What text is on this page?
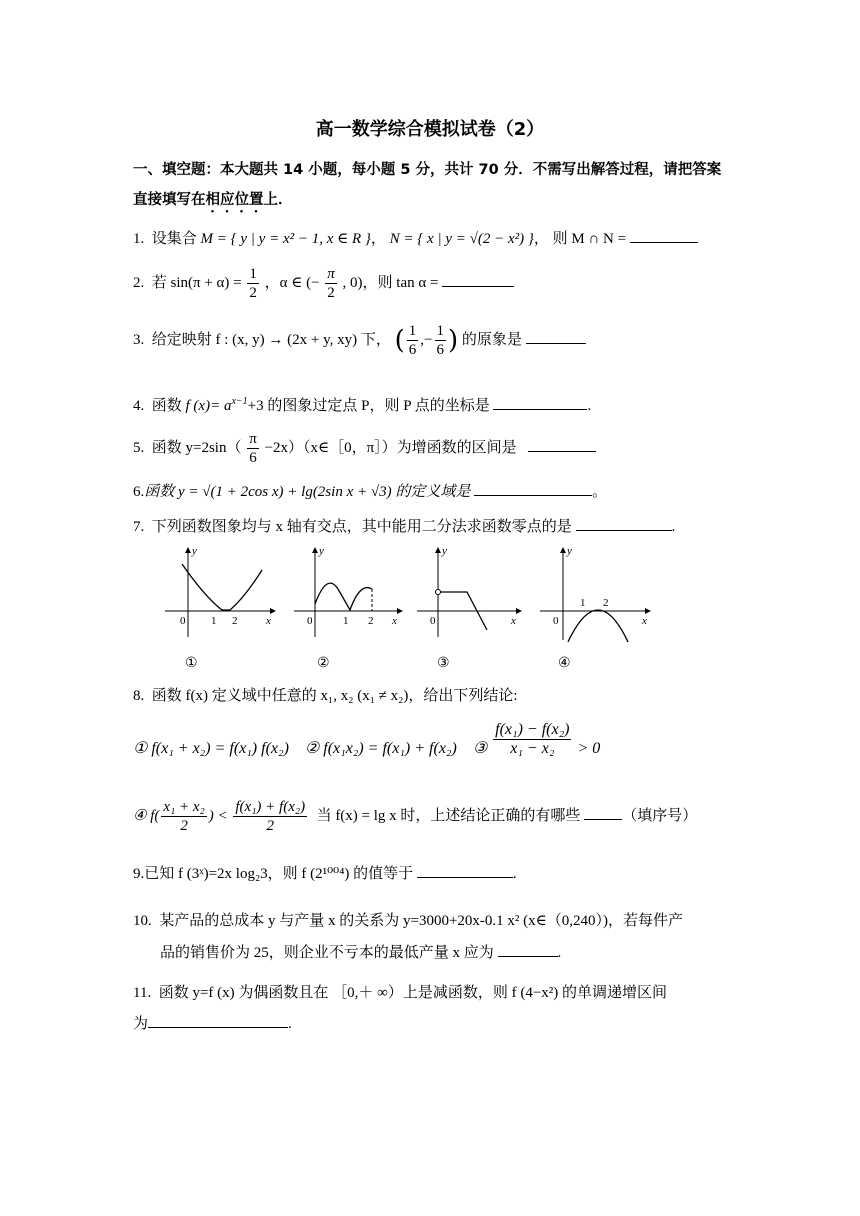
高一数学综合模拟试卷（2）
一、填空题：本大题共 14 小题，每小题 5 分，共计 70 分．不需写出解答过程，请把答案
直接填写在相应位置上．
1. 设集合 M = { y | y = x² − 1, x ∈ R }， N = { x | y = √(2 − x²) }， 则 M ∩ N =
2. 若 $\sin(\pi + \alpha) = \frac{1}{2}$ ，α ∈ (− $\frac{\pi}{2}$ , 0)，则 tan α =
3. 给定映射 f : (x, y) → (2x + y, xy) 下， ( $\frac{1}{6}$ ,− $\frac{1}{6}$ ) 的原象是
4. 函数 f $(x)= a^{x-1}+3$ 的图象过定点 P，则 P 点的坐标是	.
5. 函数 $y=2\sin( \frac{\pi}{6}$ −2x）（x∈［0，π］）为增函数的区间是
6.函数 y = √(1 + 2cos x) + lg(2sin x + √3) 的定义域是	。
7. 下列函数图象均与 x 轴有交点，其中能用二分法求函数零点的是	.
y
x
0 1 2
①
y
x
0	1 2
②
y
x
0
③
y
x
0
1 2
④
8. 函数 f(x) 定义域中任意的 x₁, x₂ (x₁ ≠ x₂)，给出下列结论:
① f(x₁ + x₂) = f(x₁) f(x₂) ② f(x₁x₂) = f(x₁) + f(x₂) ③ $\frac{\text{f(x₁) − f(x₂)}}{\text{x₁ − x₂}} > 0$
④ $f( \frac{\text{x₁ + x₂}}{2}$ ) < $\frac{\text{f(x₁) + f(x₂)}}{2}$ 当 f(x) = lg x 时，上述结论正确的有哪些	（填序号）
9.已知 f (3ˣ)=2x log₂3，则 f (2¹⁰⁰⁴) 的值等于	.
10. 某产品的总成本 y 与产量 x 的关系为 y=3000+20x-0.1 x² (x∈（0,240）)，若每件产
品的销售价为 25，则企业不亏本的最低产量 x 应为	.
11. 函数 y=f (x) 为偶函数且在 ［0,＋ ∞）上是减函数，则 f (4−x²) 的单调递增区间
为	.
